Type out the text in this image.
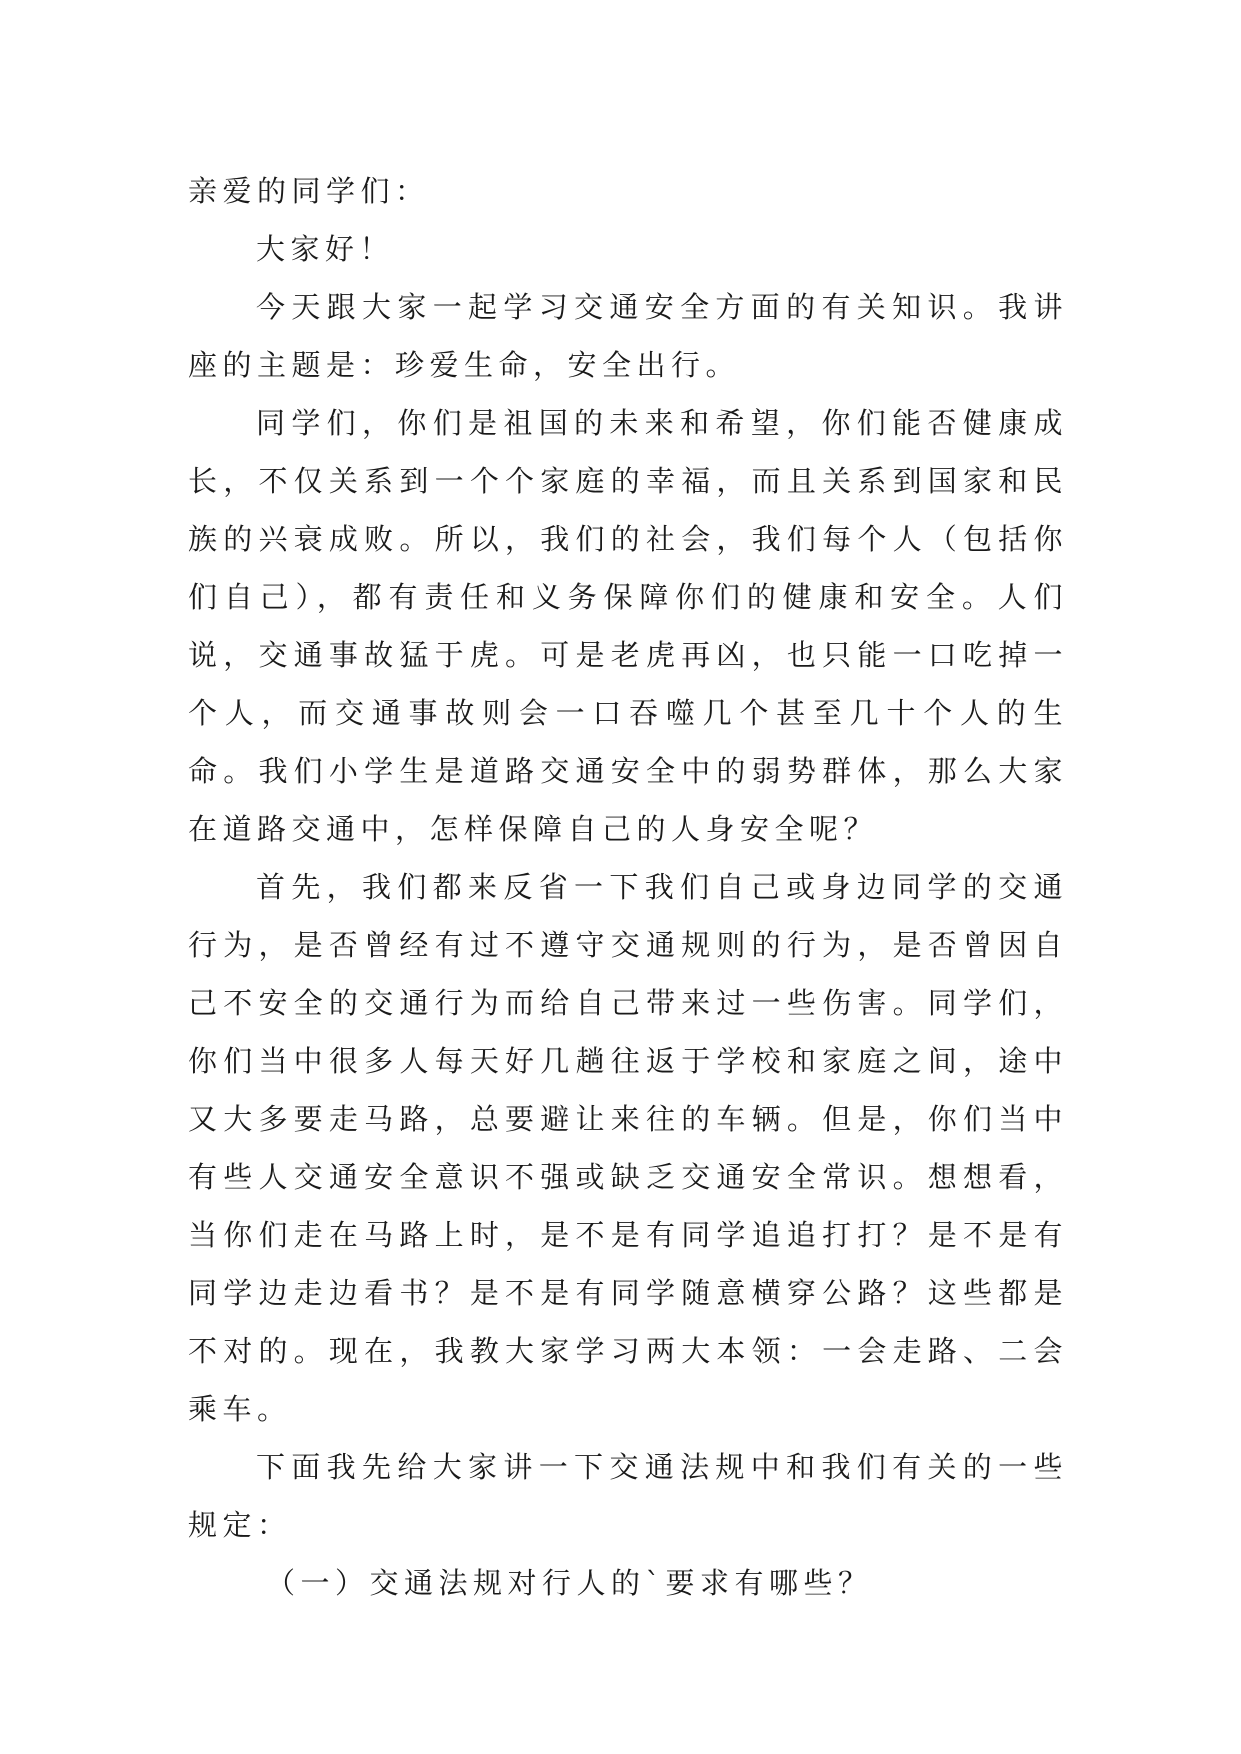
亲爱的同学们：

大家好！

今天跟大家一起学习交通安全方面的有关知识。我讲座的主题是：珍爱生命，安全出行。

同学们，你们是祖国的未来和希望，你们能否健康成长，不仅关系到一个个家庭的幸福，而且关系到国家和民族的兴衰成败。所以，我们的社会，我们每个人（包括你们自己），都有责任和义务保障你们的健康和安全。人们说，交通事故猛于虎。可是老虎再凶，也只能一口吃掉一个人，而交通事故则会一口吞噬几个甚至几十个人的生命。我们小学生是道路交通安全中的弱势群体，那么大家在道路交通中，怎样保障自己的人身安全呢？

首先，我们都来反省一下我们自己或身边同学的交通行为，是否曾经有过不遵守交通规则的行为，是否曾因自己不安全的交通行为而给自己带来过一些伤害。同学们，你们当中很多人每天好几趟往返于学校和家庭之间，途中又大多要走马路，总要避让来往的车辆。但是，你们当中有些人交通安全意识不强或缺乏交通安全常识。想想看，当你们走在马路上时，是不是有同学追追打打？是不是有同学边走边看书？是不是有同学随意横穿公路？这些都是不对的。现在，我教大家学习两大本领：一会走路、二会乘车。

下面我先给大家讲一下交通法规中和我们有关的一些规定：

（一）交通法规对行人的`要求有哪些？
